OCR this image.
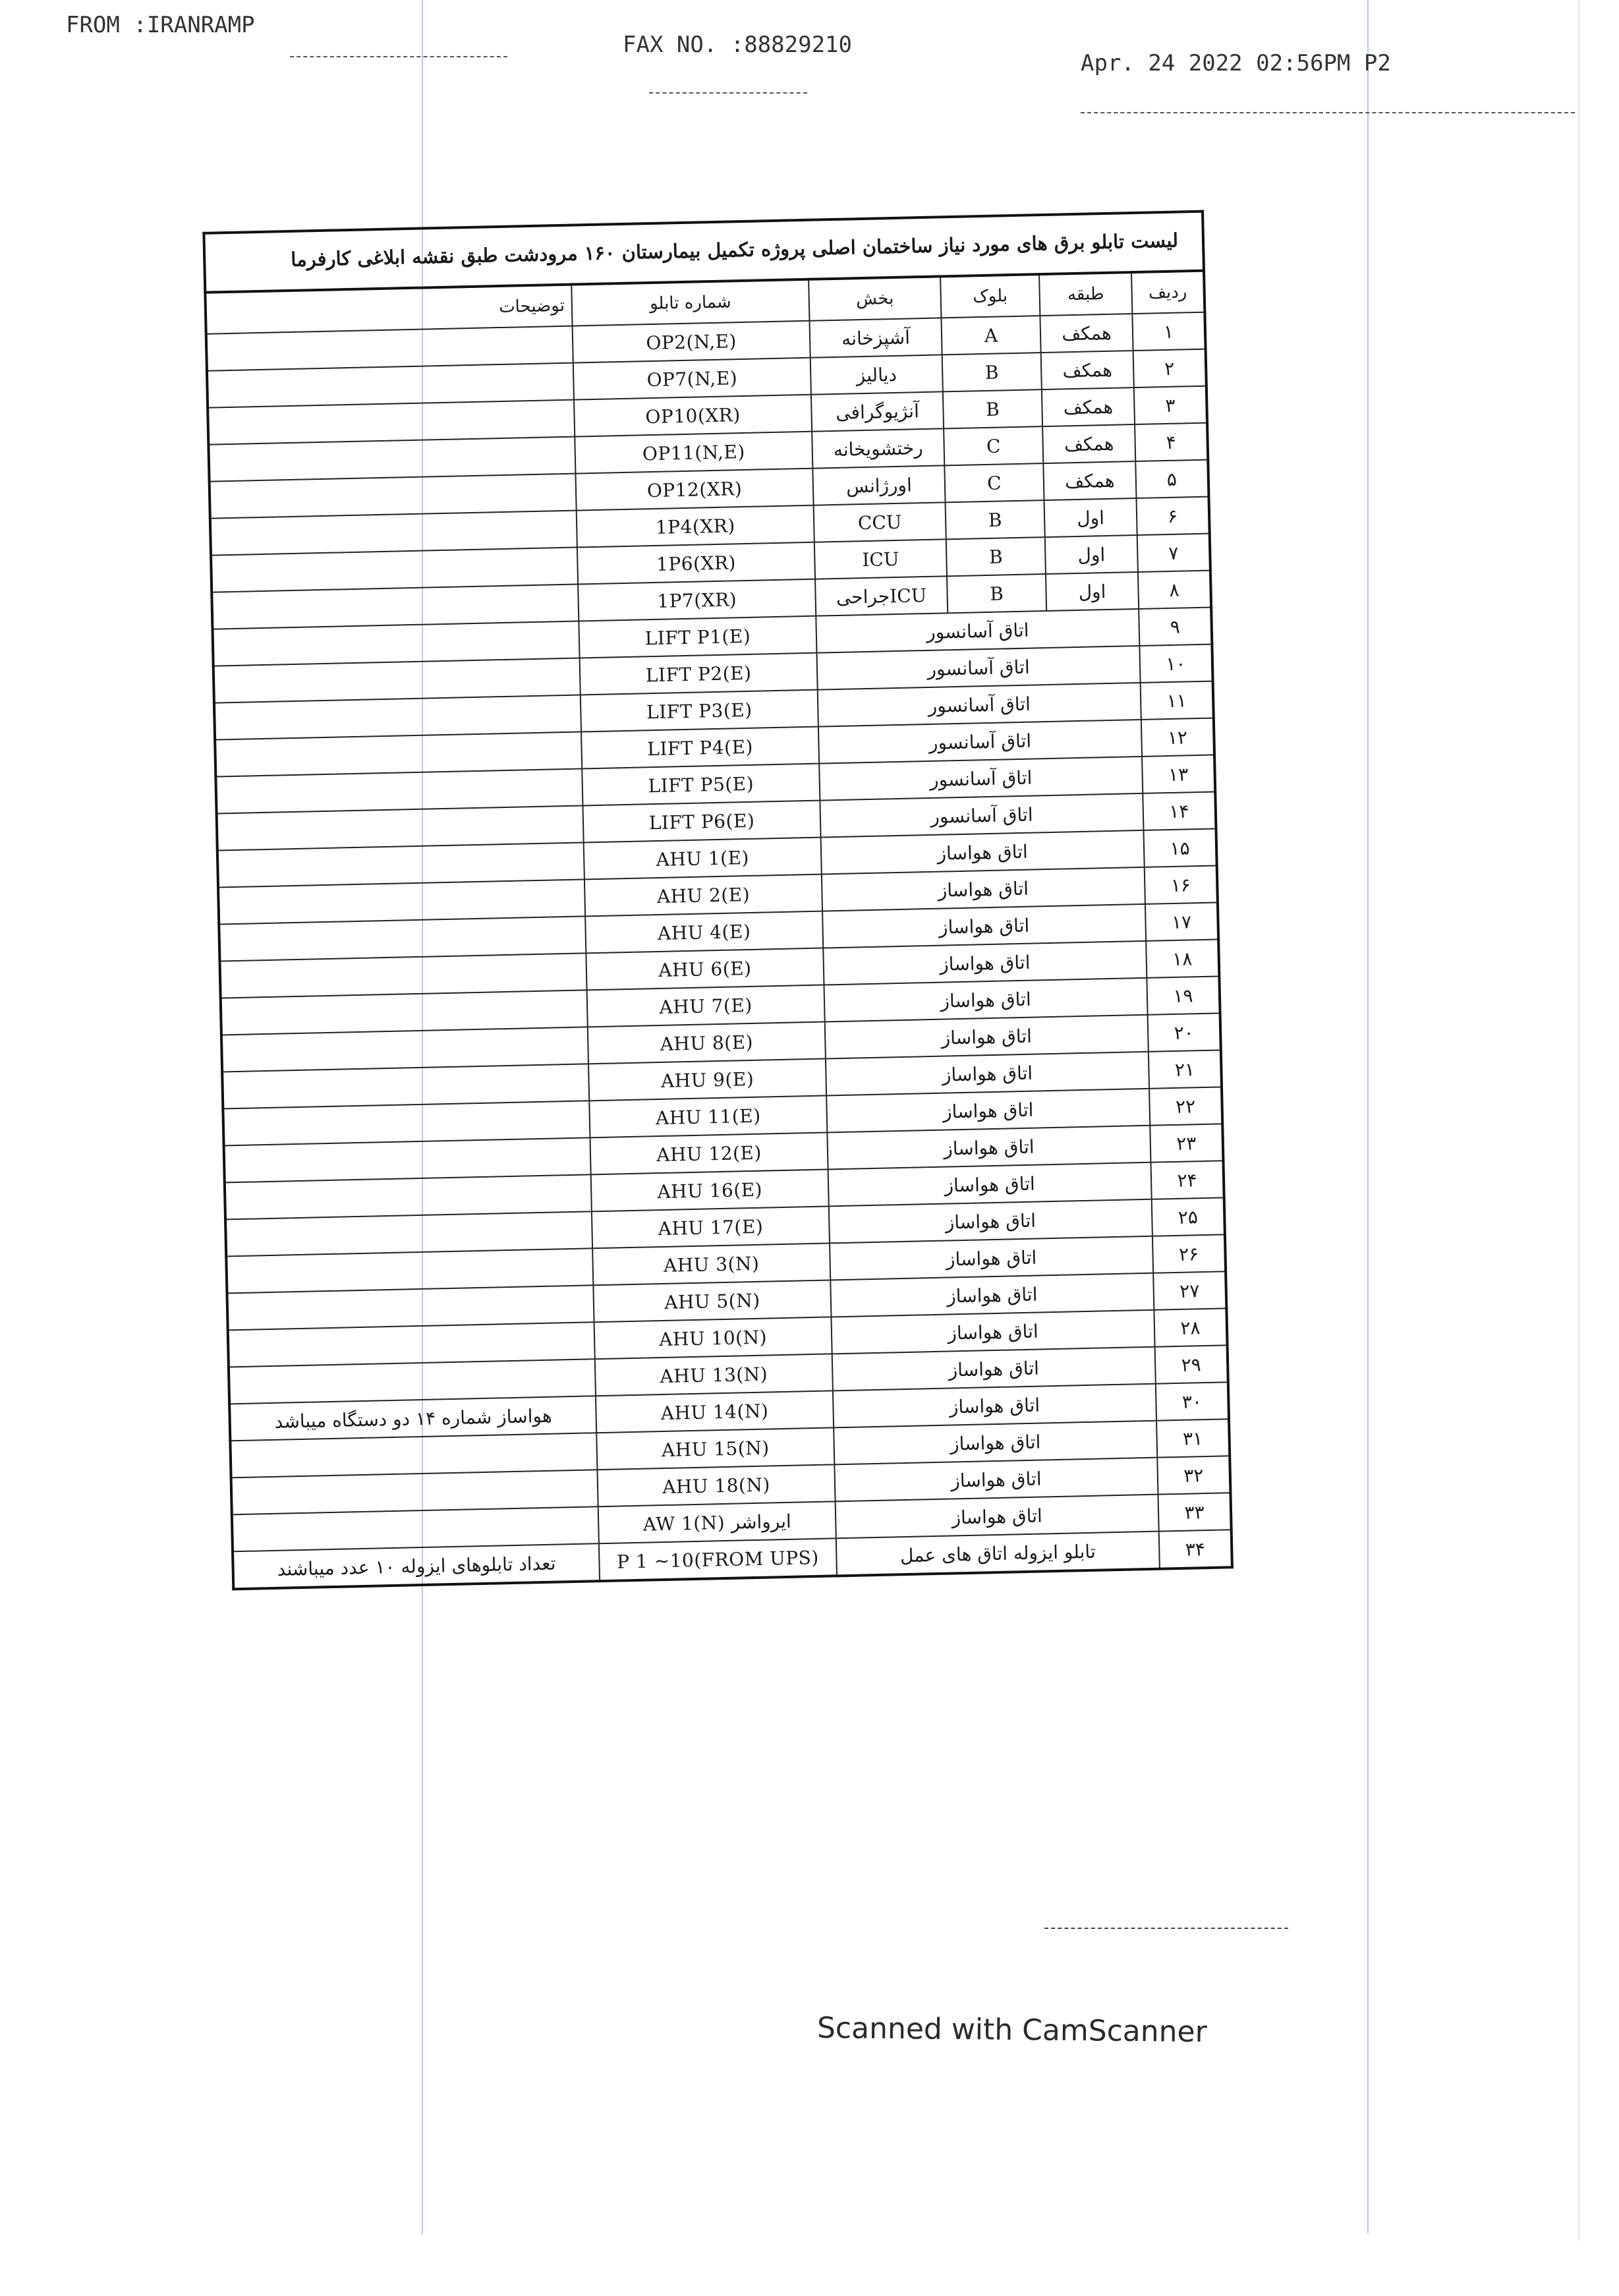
FROM :IRANRAMP
FAX NO. :88829210
Apr. 24 2022 02:56PM P2
لیست تابلو برق های مورد نیاز ساختمان اصلی پروژه تکمیل بیمارستان ۱۶۰ مرودشت طبق نقشه ابلاغی کارفرما
ردیف	طبقه	بلوک	بخش	شماره تابلو	توضیحات
۱	همکف	A	آشپزخانه	OP2(N,E)	
۲	همکف	B	دیالیز	OP7(N,E)	
۳	همکف	B	آنژیوگرافی	OP10(XR)	
۴	همکف	C	رختشویخانه	OP11(N,E)	
۵	همکف	C	اورژانس	OP12(XR)	
۶	اول	B	CCU	1P4(XR)	
۷	اول	B	ICU	1P6(XR)	
۸	اول	B	ICUجراحی	1P7(XR)	
۹	اتاق آسانسور			LIFT P1(E)	
۱۰	اتاق آسانسور			LIFT P2(E)	
۱۱	اتاق آسانسور			LIFT P3(E)	
۱۲	اتاق آسانسور			LIFT P4(E)	
۱۳	اتاق آسانسور			LIFT P5(E)	
۱۴	اتاق آسانسور			LIFT P6(E)	
۱۵	اتاق هواساز			AHU 1(E)	
۱۶	اتاق هواساز			AHU 2(E)	
۱۷	اتاق هواساز			AHU 4(E)	
۱۸	اتاق هواساز			AHU 6(E)	
۱۹	اتاق هواساز			AHU 7(E)	
۲۰	اتاق هواساز			AHU 8(E)	
۲۱	اتاق هواساز			AHU 9(E)	
۲۲	اتاق هواساز			AHU 11(E)	
۲۳	اتاق هواساز			AHU 12(E)	
۲۴	اتاق هواساز			AHU 16(E)	
۲۵	اتاق هواساز			AHU 17(E)	
۲۶	اتاق هواساز			AHU 3(N)	
۲۷	اتاق هواساز			AHU 5(N)	
۲۸	اتاق هواساز			AHU 10(N)	
۲۹	اتاق هواساز			AHU 13(N)	
۳۰	اتاق هواساز			AHU 14(N)	هواساز شماره ۱۴ دو دستگاه میباشد
۳۱	اتاق هواساز			AHU 15(N)	
۳۲	اتاق هواساز			AHU 18(N)	
۳۳	اتاق هواساز			AW 1(N) ایرواشر	
۳۴	تابلو ایزوله اتاق های عمل			P 1 ~10(FROM UPS)	تعداد تابلوهای ایزوله ۱۰ عدد میباشند
Scanned with CamScanner
